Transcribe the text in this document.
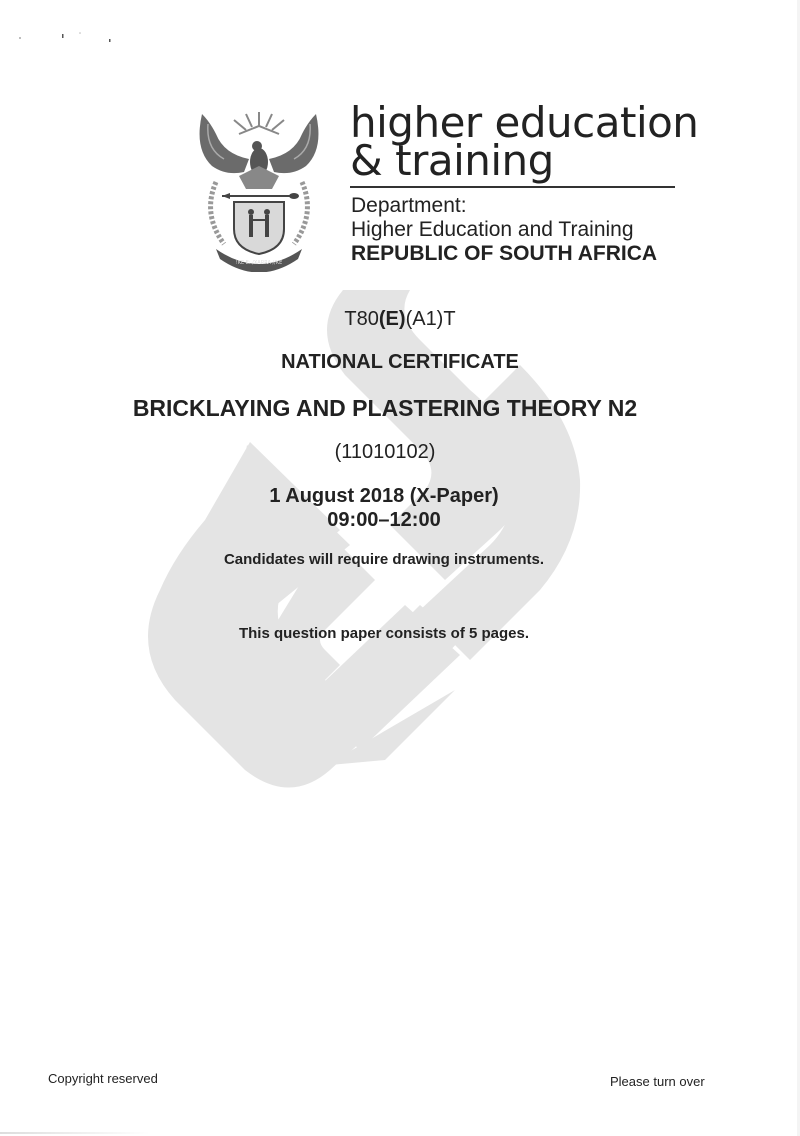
!KE E: /XARRA //KE
higher education
& training
Department:
Higher Education and Training
REPUBLIC OF SOUTH AFRICA
T80(E)(A1)T
NATIONAL CERTIFICATE
BRICKLAYING AND PLASTERING THEORY N2
(11010102)
1 August 2018 (X-Paper)
09:00–12:00
Candidates will require drawing instruments.
This question paper consists of 5 pages.
Copyright reserved	Please turn over
